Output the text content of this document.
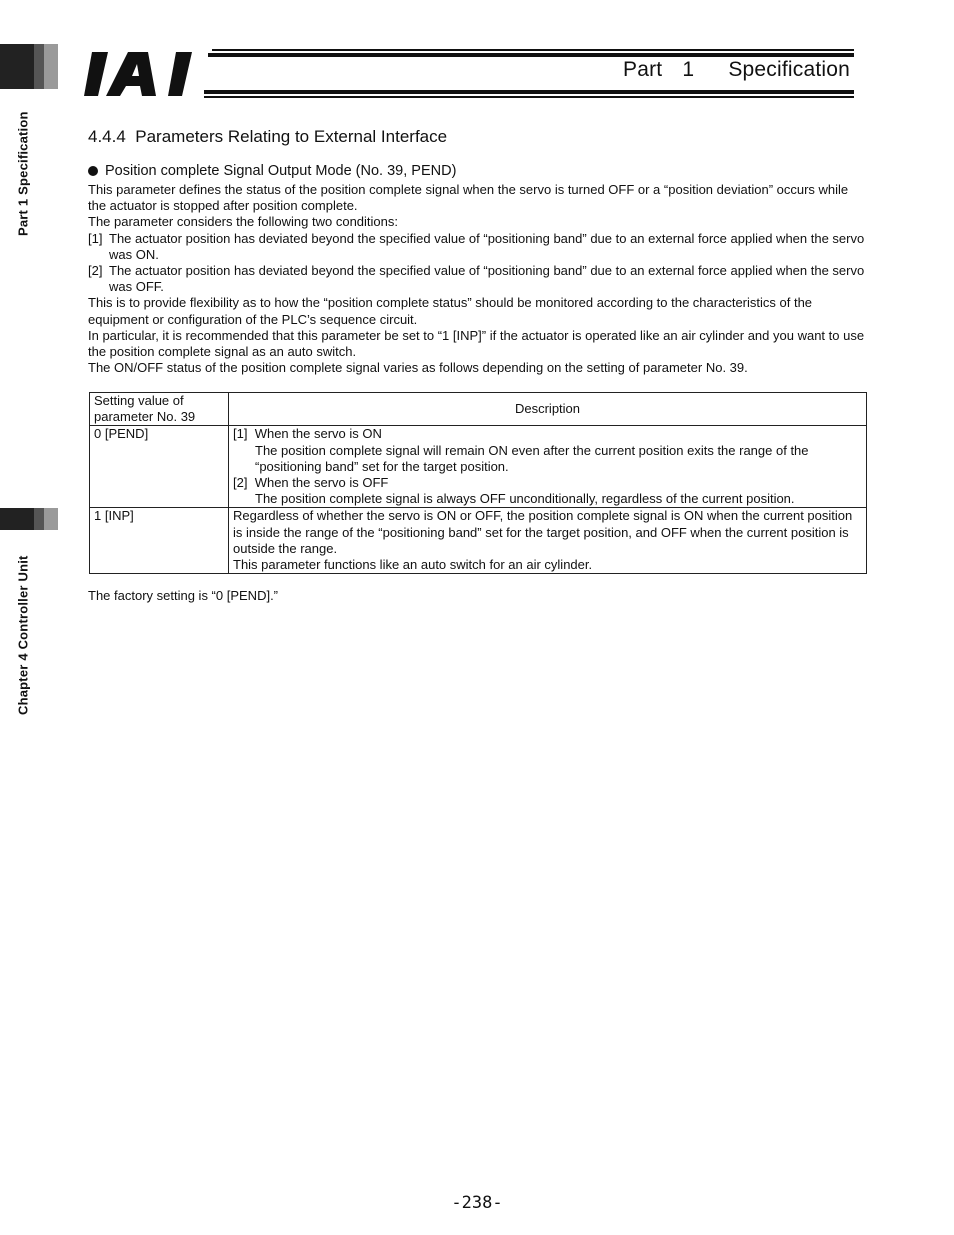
Part 1 Specification
Chapter 4 Controller Unit
Part 1 Specification
4.4.4 Parameters Relating to External Interface
Position complete Signal Output Mode (No. 39, PEND)
This parameter defines the status of the position complete signal when the servo is turned OFF or a “position deviation” occurs while the actuator is stopped after position complete.
The parameter considers the following two conditions:
[1] The actuator position has deviated beyond the specified value of “positioning band” due to an external force applied when the servo was ON.
[2] The actuator position has deviated beyond the specified value of “positioning band” due to an external force applied when the servo was OFF.
This is to provide flexibility as to how the “position complete status” should be monitored according to the characteristics of the equipment or configuration of the PLC’s sequence circuit.
In particular, it is recommended that this parameter be set to “1 [INP]” if the actuator is operated like an air cylinder and you want to use the position complete signal as an auto switch.
The ON/OFF status of the position complete signal varies as follows depending on the setting of parameter No. 39.
Setting value of
parameter No. 39	Description
0 [PEND]	[1] When the servo is ON
The position complete signal will remain ON even after the current position exits the range of the “positioning band” set for the target position.
[2] When the servo is OFF
The position complete signal is always OFF unconditionally, regardless of the current position.

1 [INP]	Regardless of whether the servo is ON or OFF, the position complete signal is ON when the current position is inside the range of the “positioning band” set for the target position, and OFF when the current position is outside the range.
This parameter functions like an auto switch for an air cylinder.
The factory setting is “0 [PEND].”
-238-
